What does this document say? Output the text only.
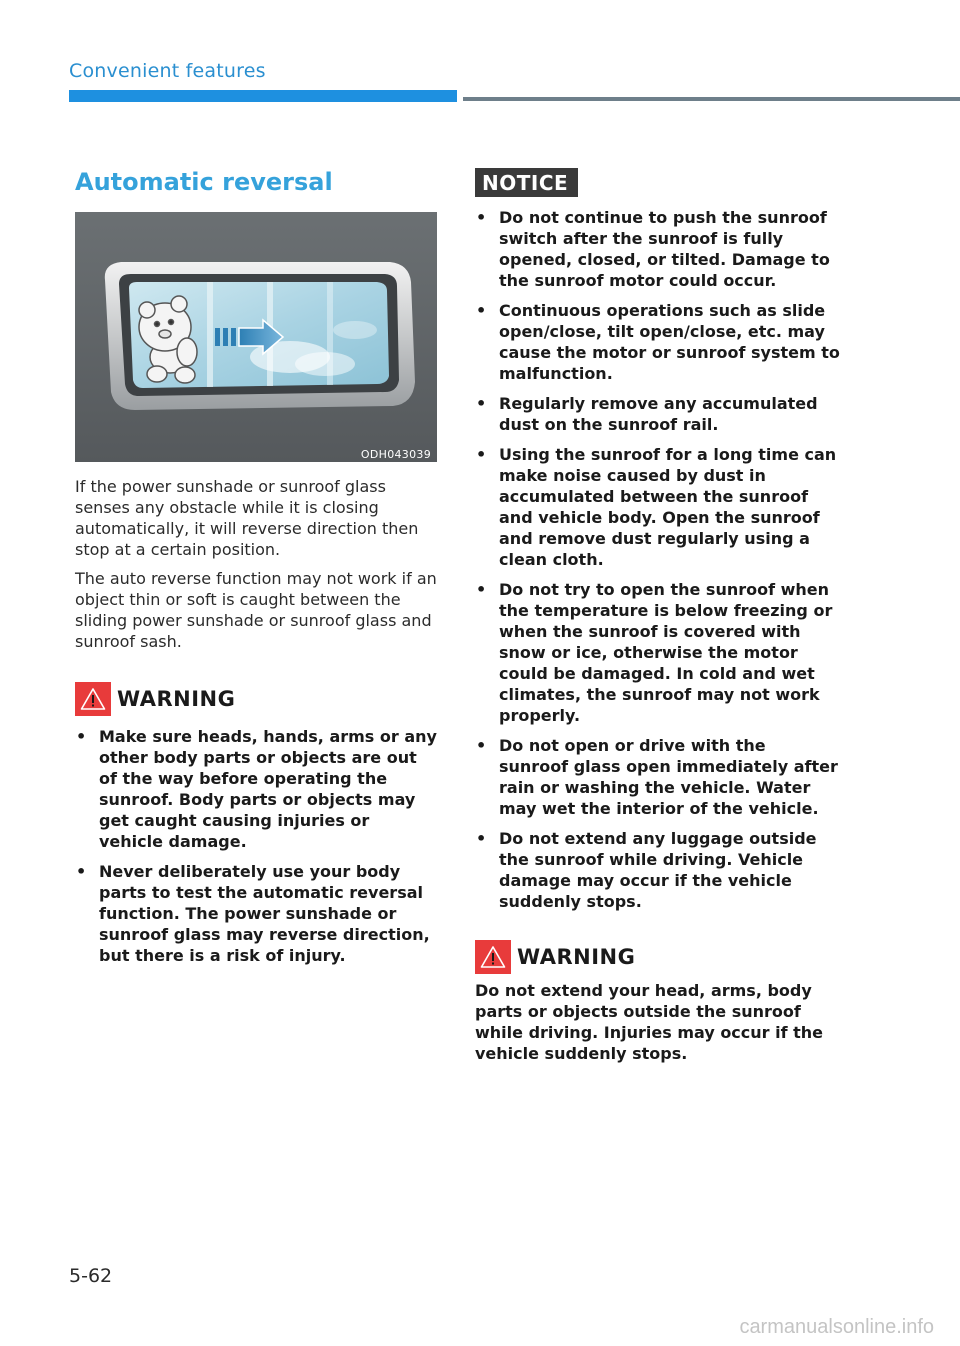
Convenient features
Automatic reversal
ODH043039

If the power sunshade or sunroof glass senses any obstacle while it is closing automatically, it will reverse direction then stop at a certain position.

The auto reverse function may not work if an object thin or soft is caught between the sliding power sunshade or sunroof glass and sunroof sash.

WARNING
• Make sure heads, hands, arms or any other body parts or objects are out of the way before operating the sunroof. Body parts or objects may get caught causing injuries or vehicle damage.
• Never deliberately use your body parts to test the automatic reversal function. The power sunshade or sunroof glass may reverse direction, but there is a risk of injury.
NOTICE
• Do not continue to push the sunroof switch after the sunroof is fully opened, closed, or tilted. Damage to the sunroof motor could occur.
• Continuous operations such as slide open/close, tilt open/close, etc. may cause the motor or sunroof system to malfunction.
• Regularly remove any accumulated dust on the sunroof rail.
• Using the sunroof for a long time can make noise caused by dust in accumulated between the sunroof and vehicle body. Open the sunroof and remove dust regularly using a clean cloth.
• Do not try to open the sunroof when the temperature is below freezing or when the sunroof is covered with snow or ice, otherwise the motor could be damaged. In cold and wet climates, the sunroof may not work properly.
• Do not open or drive with the sunroof glass open immediately after rain or washing the vehicle. Water may wet the interior of the vehicle.
• Do not extend any luggage outside the sunroof while driving. Vehicle damage may occur if the vehicle suddenly stops.
WARNING

Do not extend your head, arms, body parts or objects outside the sunroof while driving. Injuries may occur if the vehicle suddenly stops.

5-62
carmanualsonline.info
